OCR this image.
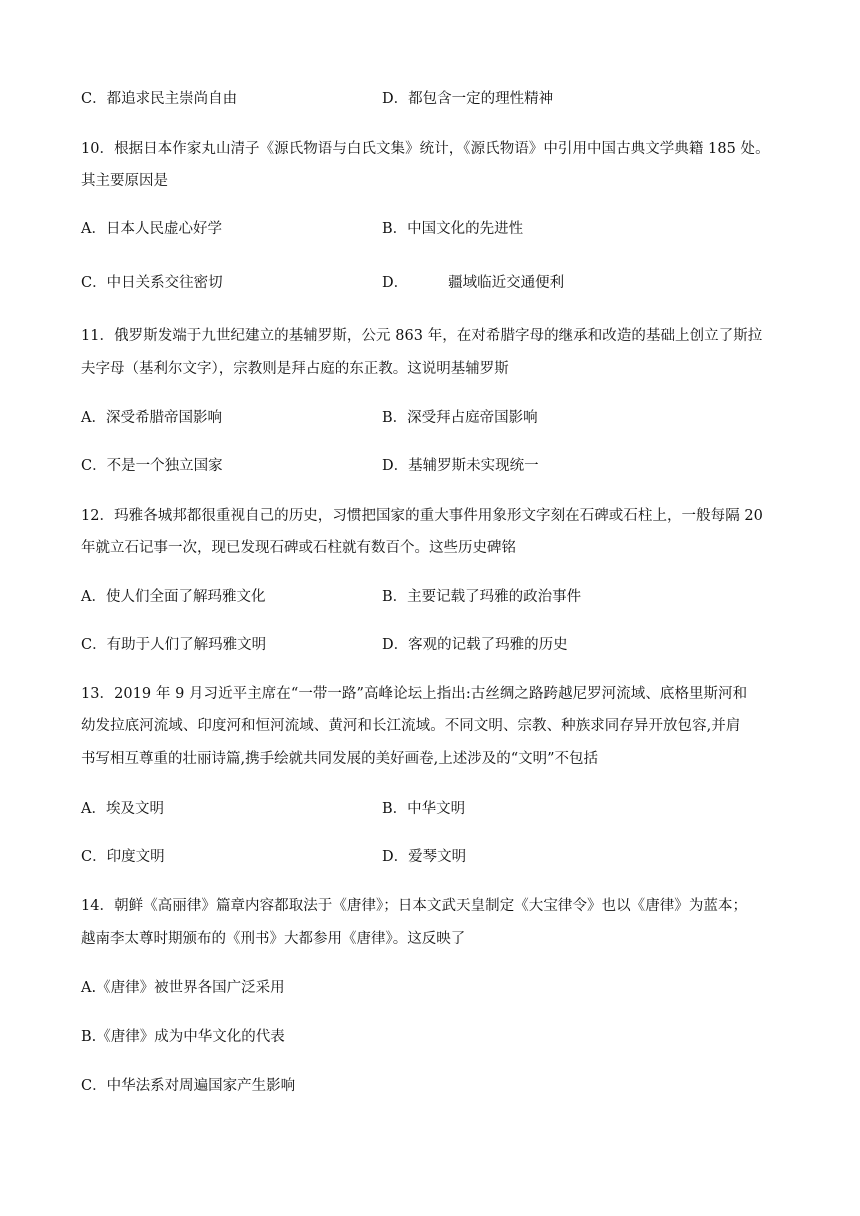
C．都追求民主崇尚自由	D．都包含一定的理性精神
10．根据日本作家丸山清子《源氏物语与白氏文集》统计，《源氏物语》中引用中国古典文学典籍 185 处。
其主要原因是
A．日本人民虚心好学	B．中国文化的先进性
C．中日关系交往密切	D．	疆域临近交通便利
11．俄罗斯发端于九世纪建立的基辅罗斯，公元 863 年，在对希腊字母的继承和改造的基础上创立了斯拉
夫字母（基利尔文字），宗教则是拜占庭的东正教。这说明基辅罗斯
A．深受希腊帝国影响	B．深受拜占庭帝国影响
C．不是一个独立国家	D．基辅罗斯未实现统一
12．玛雅各城邦都很重视自己的历史，习惯把国家的重大事件用象形文字刻在石碑或石柱上，一般每隔 20
年就立石记事一次，现已发现石碑或石柱就有数百个。这些历史碑铭
A．使人们全面了解玛雅文化	B．主要记载了玛雅的政治事件
C．有助于人们了解玛雅文明	D．客观的记载了玛雅的历史
13．2019 年 9 月习近平主席在“一带一路”高峰论坛上指出:古丝绸之路跨越尼罗河流域、底格里斯河和
幼发拉底河流域、印度河和恒河流域、黄河和长江流域。不同文明、宗教、种族求同存异开放包容,并肩
书写相互尊重的壮丽诗篇,携手绘就共同发展的美好画卷,上述涉及的“文明”不包括
A．埃及文明	B．中华文明
C．印度文明	D．爱琴文明
14．朝鲜《高丽律》篇章内容都取法于《唐律》；日本文武天皇制定《大宝律令》也以《唐律》为蓝本；
越南李太尊时期颁布的《刑书》大都参用《唐律》。这反映了
A.《唐律》被世界各国广泛采用
B.《唐律》成为中华文化的代表
C．中华法系对周遍国家产生影响
